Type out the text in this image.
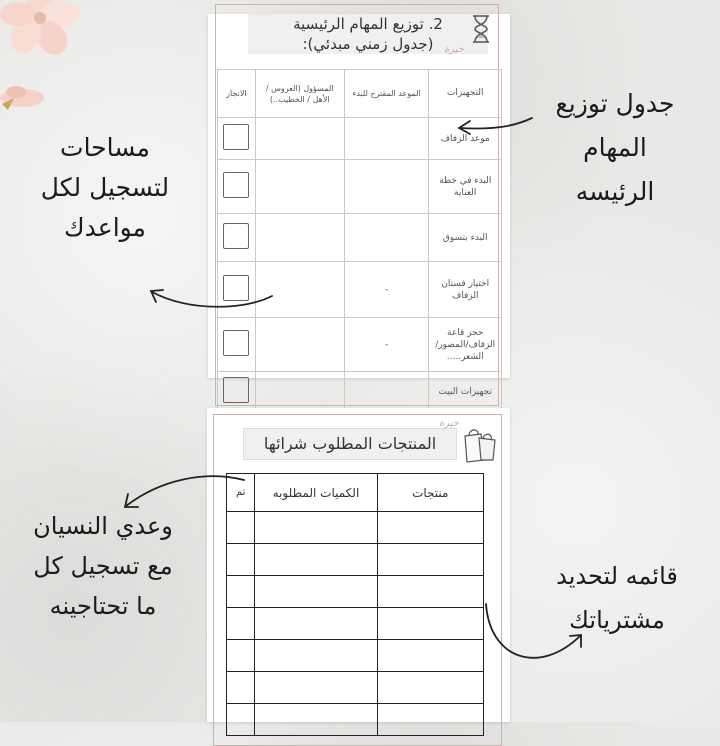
2. توزيع المهام الرئيسية
(جدول زمني مبدئي):	خيرة
التجهيزات	الموعد المقترح للبدء	المسؤول (العروس / الأهل / الخطيب..)	الانجاز
موعد الزفاف			
البدء في خطة العناية			
البدء بتسوق			
اختيار فستان الزفاف	-		
حجز قاعة الزفاف/المصور/الشعر.....	-		
تجهيزات البيت			
المنتجات المطلوب شرائها
خيرة
منتجات	الكميات المطلوبه	تم

جدول توزيع
المهام
الرئيسه
مساحات
لتسجيل لكل
مواعدك
وعدي النسيان
مع تسجيل كل
ما تحتاجينه
قائمه لتحديد
مشترياتك
